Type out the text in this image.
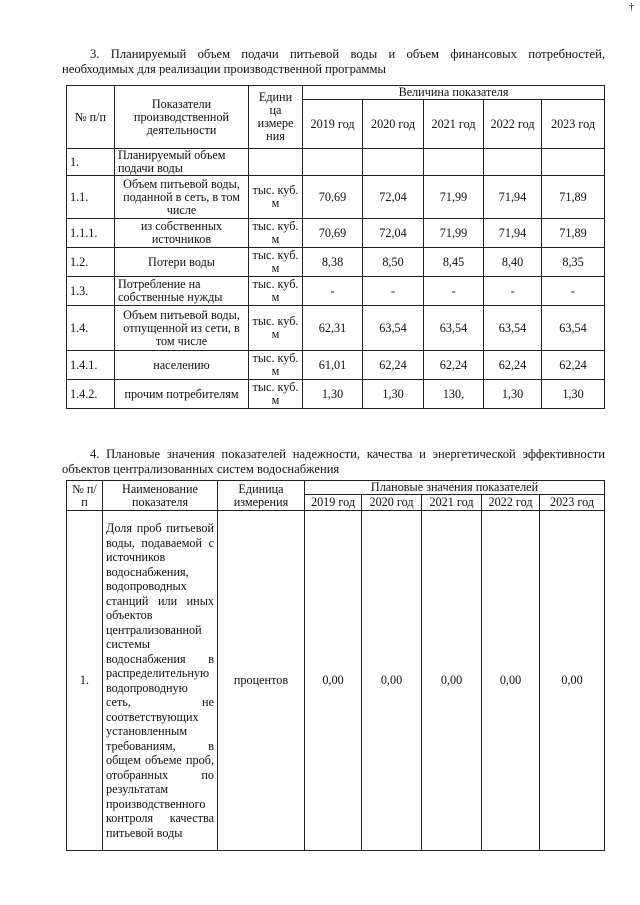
†
3. Планируемый объем подачи питьевой воды и объем финансовых потребностей, необходимых для реализации производственной программы
№ п/п	Показатели производственной деятельности	Едини ца измере ния	Величина показателя				
			2019 год	2020 год	2021 год	2022 год	2023 год
1.	Планируемый объем подачи воды						
1.1.	Объем питьевой воды, поданной в сеть, в том числе	тыс. куб. м	70,69	72,04	71,99	71,94	71,89
1.1.1.	из собственных источников	тыс. куб. м	70,69	72,04	71,99	71,94	71,89
1.2.	Потери воды	тыс. куб. м	8,38	8,50	8,45	8,40	8,35
1.3.	Потребление на собственные нужды	тыс. куб. м	-	-	-	-	-
1.4.	Объем питьевой воды, отпущенной из сети, в том числе	тыс. куб. м	62,31	63,54	63,54	63,54	63,54
1.4.1.	населению	тыс. куб. м	61,01	62,24	62,24	62,24	62,24
1.4.2.	прочим потребителям	тыс. куб. м	1,30	1,30	130,	1,30	1,30
4. Плановые значения показателей надежности, качества и энергетической эффективности объектов централизованных систем водоснабжения
№ п/п	Наименование показателя	Единица измерения	Плановые значения показателей				
			2019 год	2020 год	2021 год	2022 год	2023 год
1.	Доля проб питьевой воды, подаваемой с источников водоснабжения, водопроводных станций или иных объектов централизованной системы водоснабжения в распределительную водопроводную сеть, не соответствующих установленным требованиям, в общем объеме проб, отобранных по результатам производственного контроля качества питьевой воды	процентов	0,00	0,00	0,00	0,00	0,00
